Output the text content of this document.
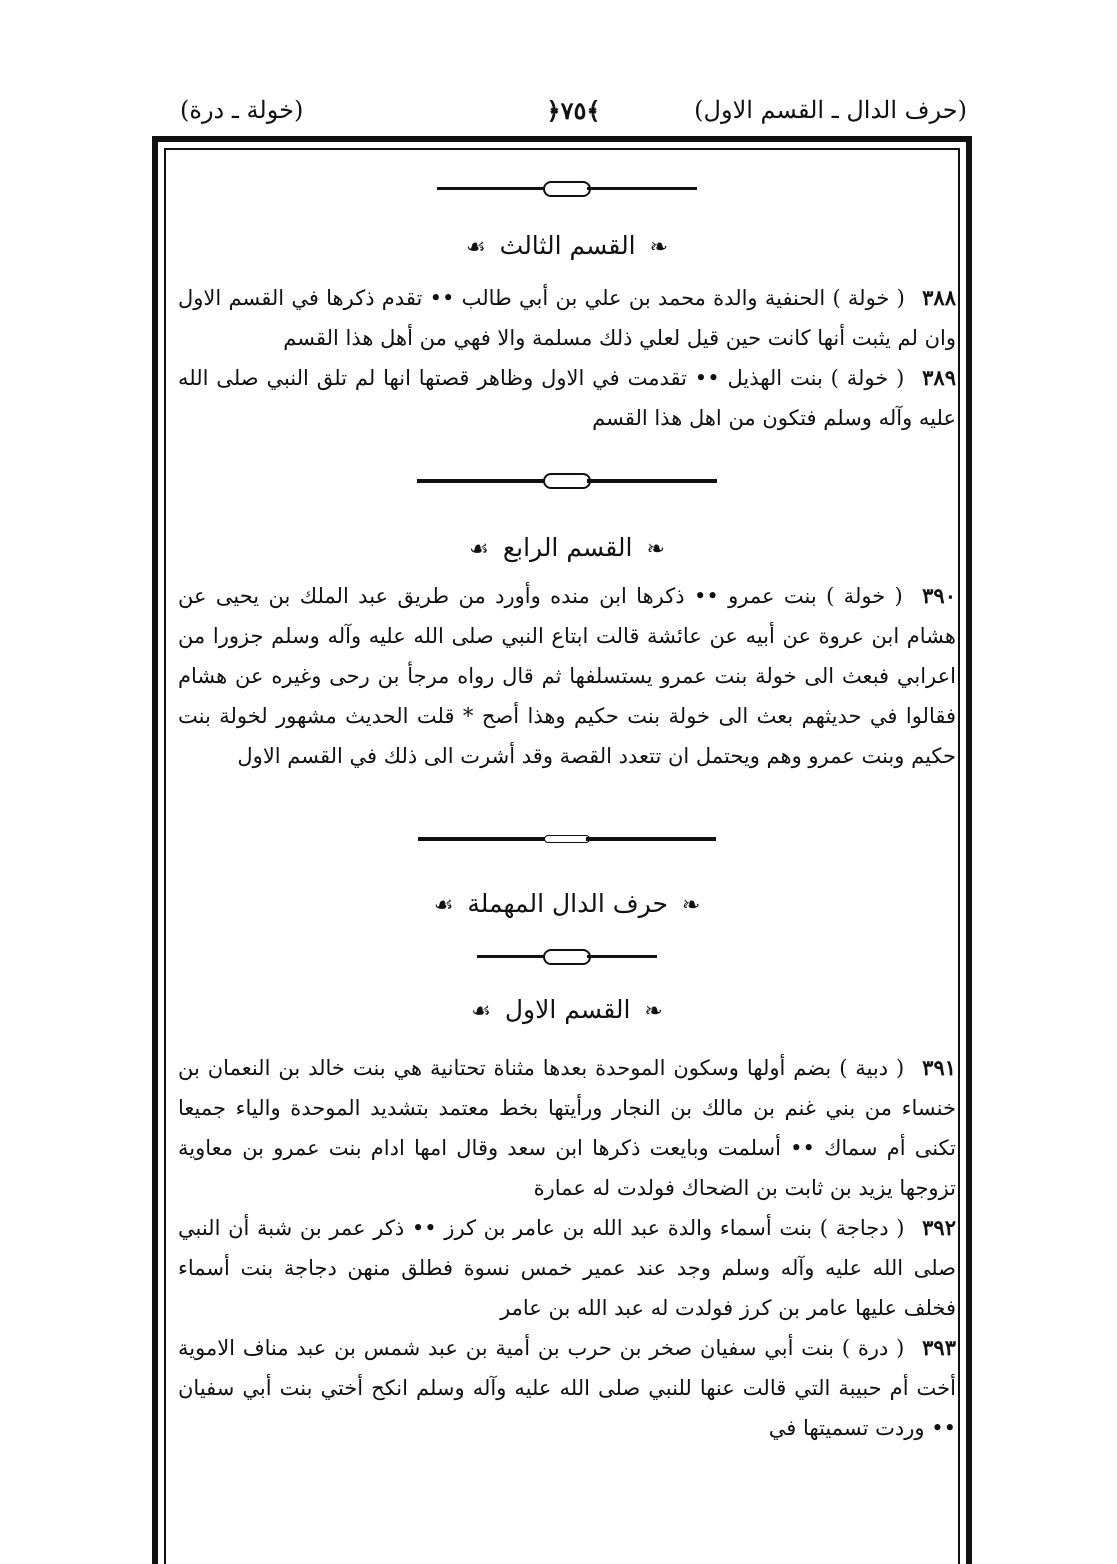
(حرف الدال ـ القسم الاول)
﴿٧٥﴾
(خولة ـ درة)

❧ القسم الثالث ☙

٣٨٨ ( خولة ) الحنفية والدة محمد بن علي بن أبي طالب •• تقدم ذكرها في القسم الاول وان لم يثبت أنها كانت حين قيل لعلي ذلك مسلمة والا فهي من أهل هذا القسم

٣٨٩ ( خولة ) بنت الهذيل •• تقدمت في الاول وظاهر قصتها انها لم تلق النبي صلى الله عليه وآله وسلم فتكون من اهل هذا القسم

❧ القسم الرابع ☙

٣٩٠ ( خولة ) بنت عمرو •• ذكرها ابن منده وأورد من طريق عبد الملك بن يحيى عن هشام ابن عروة عن أبيه عن عائشة قالت ابتاع النبي صلى الله عليه وآله وسلم جزورا من اعرابي فبعث الى خولة بنت عمرو يستسلفها ثم قال رواه مرجأ بن رحى وغيره عن هشام فقالوا في حديثهم بعث الى خولة بنت حكيم وهذا أصح * قلت الحديث مشهور لخولة بنت حكيم وبنت عمرو وهم ويحتمل ان تتعدد القصة وقد أشرت الى ذلك في القسم الاول

❧ حرف الدال المهملة ☙

❧ القسم الاول ☙

٣٩١ ( دبية ) بضم أولها وسكون الموحدة بعدها مثناة تحتانية هي بنت خالد بن النعمان بن خنساء من بني غنم بن مالك بن النجار ورأيتها بخط معتمد بتشديد الموحدة والياء جميعا تكنى أم سماك •• أسلمت وبايعت ذكرها ابن سعد وقال امها ادام بنت عمرو بن معاوية تزوجها يزيد بن ثابت بن الضحاك فولدت له عمارة

٣٩٢ ( دجاجة ) بنت أسماء والدة عبد الله بن عامر بن كرز •• ذكر عمر بن شبة أن النبي صلى الله عليه وآله وسلم وجد عند عمير خمس نسوة فطلق منهن دجاجة بنت أسماء فخلف عليها عامر بن كرز فولدت له عبد الله بن عامر

٣٩٣ ( درة ) بنت أبي سفيان صخر بن حرب بن أمية بن عبد شمس بن عبد مناف الاموية أخت أم حبيبة التي قالت عنها للنبي صلى الله عليه وآله وسلم انكح أختي بنت أبي سفيان •• وردت تسميتها في
